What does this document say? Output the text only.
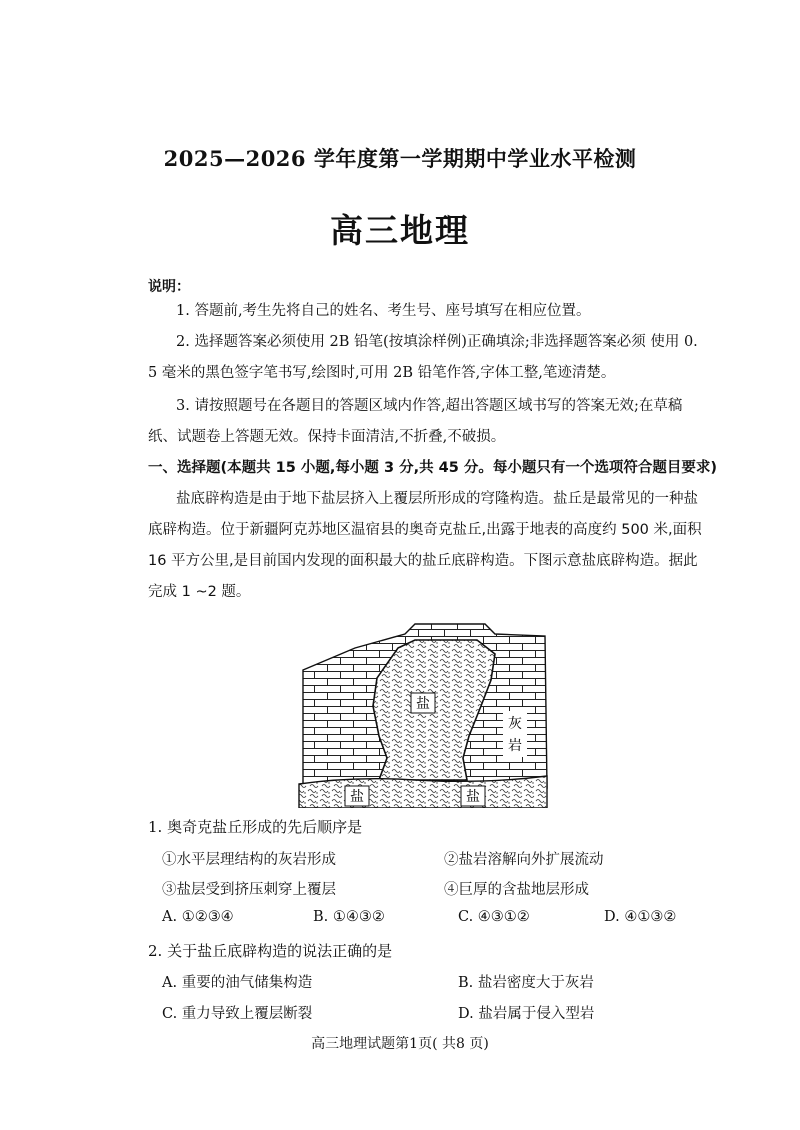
2025—2026 学年度第一学期期中学业水平检测
高三地理
说明：
1. 答题前,考生先将自己的姓名、考生号、座号填写在相应位置。
2. 选择题答案必须使用 2B 铅笔(按填涂样例)正确填涂;非选择题答案必须 使用 0.
5 毫米的黑色签字笔书写,绘图时,可用 2B 铅笔作答,字体工整,笔迹清楚。
3. 请按照题号在各题目的答题区域内作答,超出答题区域书写的答案无效;在草稿
纸、试题卷上答题无效。保持卡面清洁,不折叠,不破损。
一、选择题(本题共 15 小题,每小题 3 分,共 45 分。每小题只有一个选项符合题目要求)
盐底辟构造是由于地下盐层挤入上覆层所形成的穹隆构造。盐丘是最常见的一种盐
底辟构造。位于新疆阿克苏地区温宿县的奥奇克盐丘,出露于地表的高度约 500 米,面积
16 平方公里,是目前国内发现的面积最大的盐丘底辟构造。下图示意盐底辟构造。据此
完成 1 ~2 题。
盐
盐	盐
灰
岩
1. 奥奇克盐丘形成的先后顺序是
①水平层理结构的灰岩形成	②盐岩溶解向外扩展流动
③盐层受到挤压刺穿上覆层	④巨厚的含盐地层形成
A. ①②③④	B. ①④③②	C. ④③①②	D. ④①③②
2. 关于盐丘底辟构造的说法正确的是
A. 重要的油气储集构造	B. 盐岩密度大于灰岩
C. 重力导致上覆层断裂	D. 盐岩属于侵入型岩
高三地理试题第1页( 共8 页)
